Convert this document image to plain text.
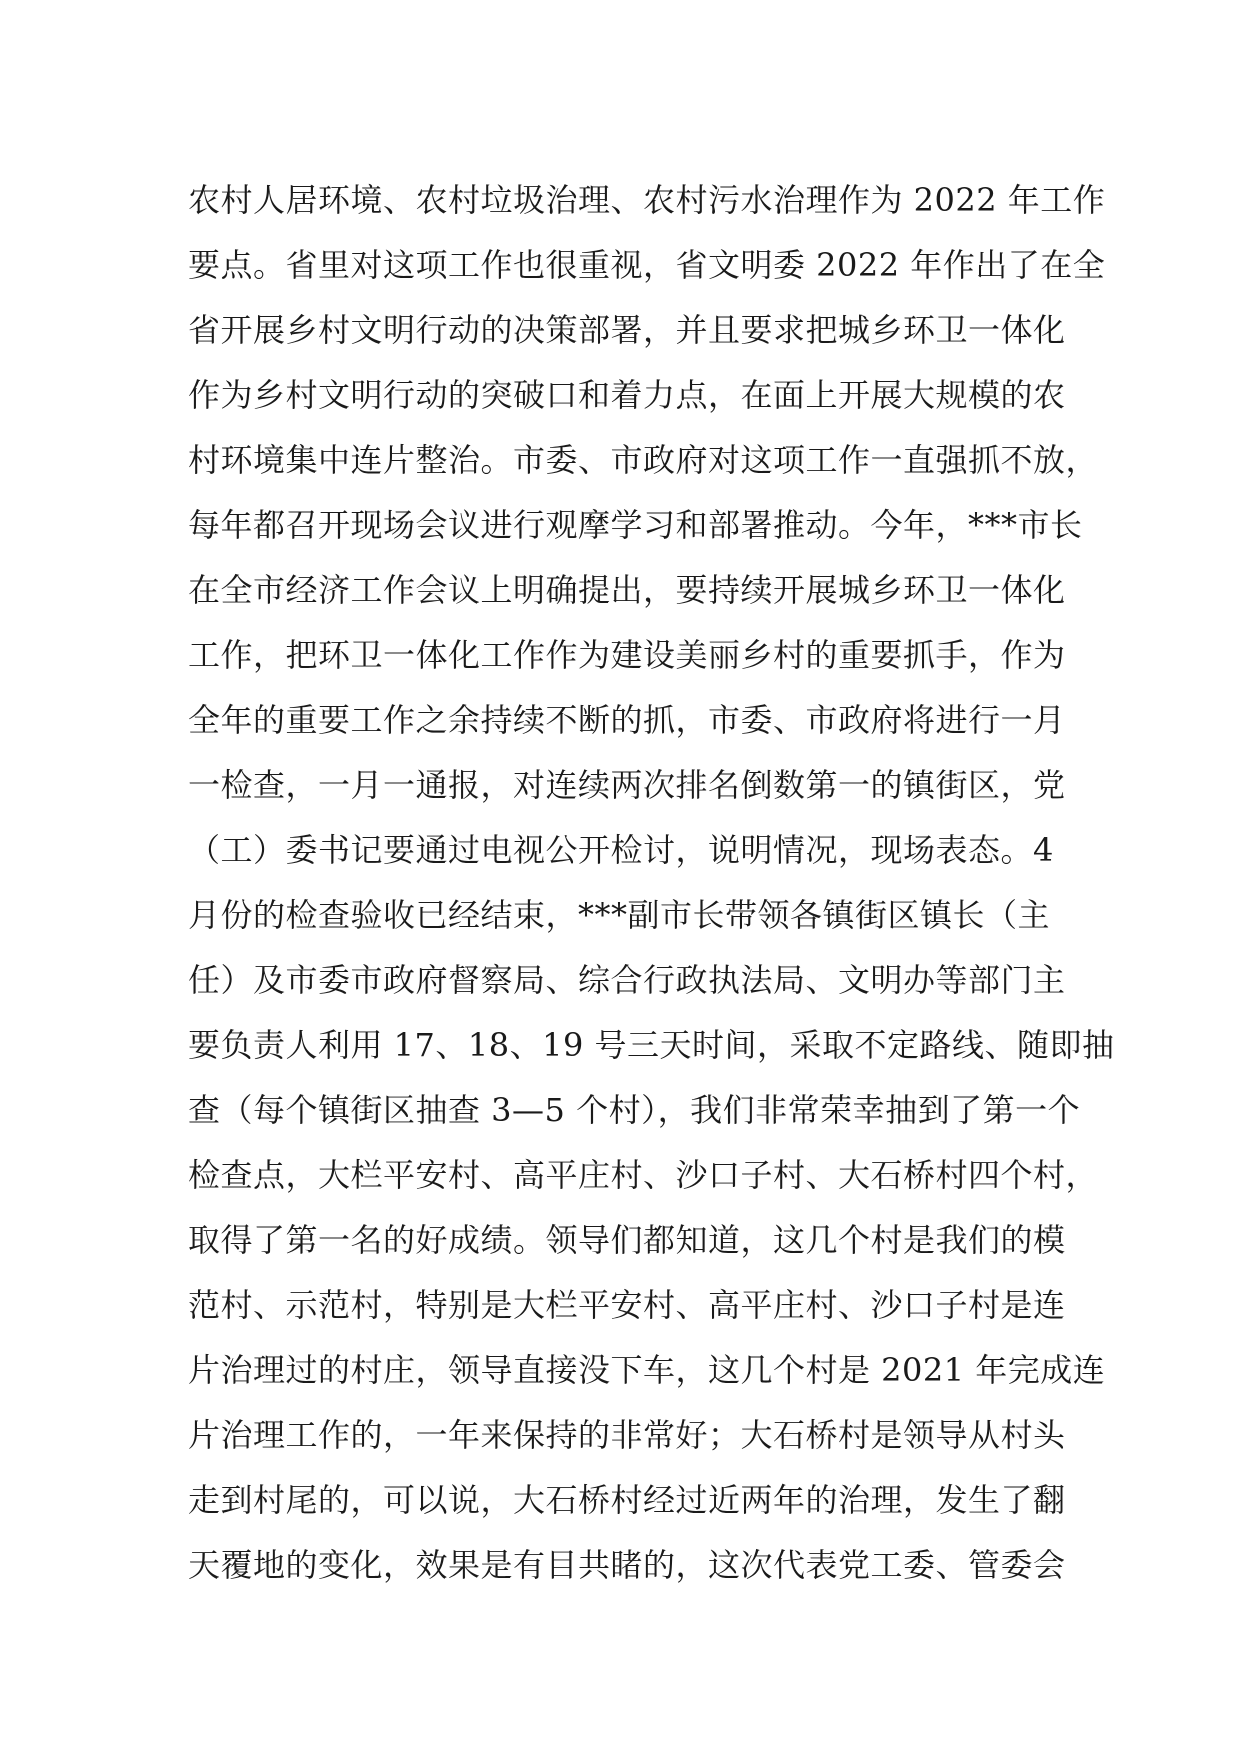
农村人居环境、农村垃圾治理、农村污水治理作为 2022 年工作
要点。省里对这项工作也很重视，省文明委 2022 年作出了在全
省开展乡村文明行动的决策部署，并且要求把城乡环卫一体化
作为乡村文明行动的突破口和着力点，在面上开展大规模的农
村环境集中连片整治。市委、市政府对这项工作一直强抓不放，
每年都召开现场会议进行观摩学习和部署推动。今年，***市长
在全市经济工作会议上明确提出，要持续开展城乡环卫一体化
工作，把环卫一体化工作作为建设美丽乡村的重要抓手，作为
全年的重要工作之余持续不断的抓，市委、市政府将进行一月
一检查，一月一通报，对连续两次排名倒数第一的镇街区，党
（工）委书记要通过电视公开检讨，说明情况，现场表态。4
月份的检查验收已经结束，***副市长带领各镇街区镇长（主
任）及市委市政府督察局、综合行政执法局、文明办等部门主
要负责人利用 17、18、19 号三天时间，采取不定路线、随即抽
查（每个镇街区抽查 3—5 个村），我们非常荣幸抽到了第一个
检查点，大栏平安村、高平庄村、沙口子村、大石桥村四个村，
取得了第一名的好成绩。领导们都知道，这几个村是我们的模
范村、示范村，特别是大栏平安村、高平庄村、沙口子村是连
片治理过的村庄，领导直接没下车，这几个村是 2021 年完成连
片治理工作的，一年来保持的非常好；大石桥村是领导从村头
走到村尾的，可以说，大石桥村经过近两年的治理，发生了翻
天覆地的变化，效果是有目共睹的，这次代表党工委、管委会
